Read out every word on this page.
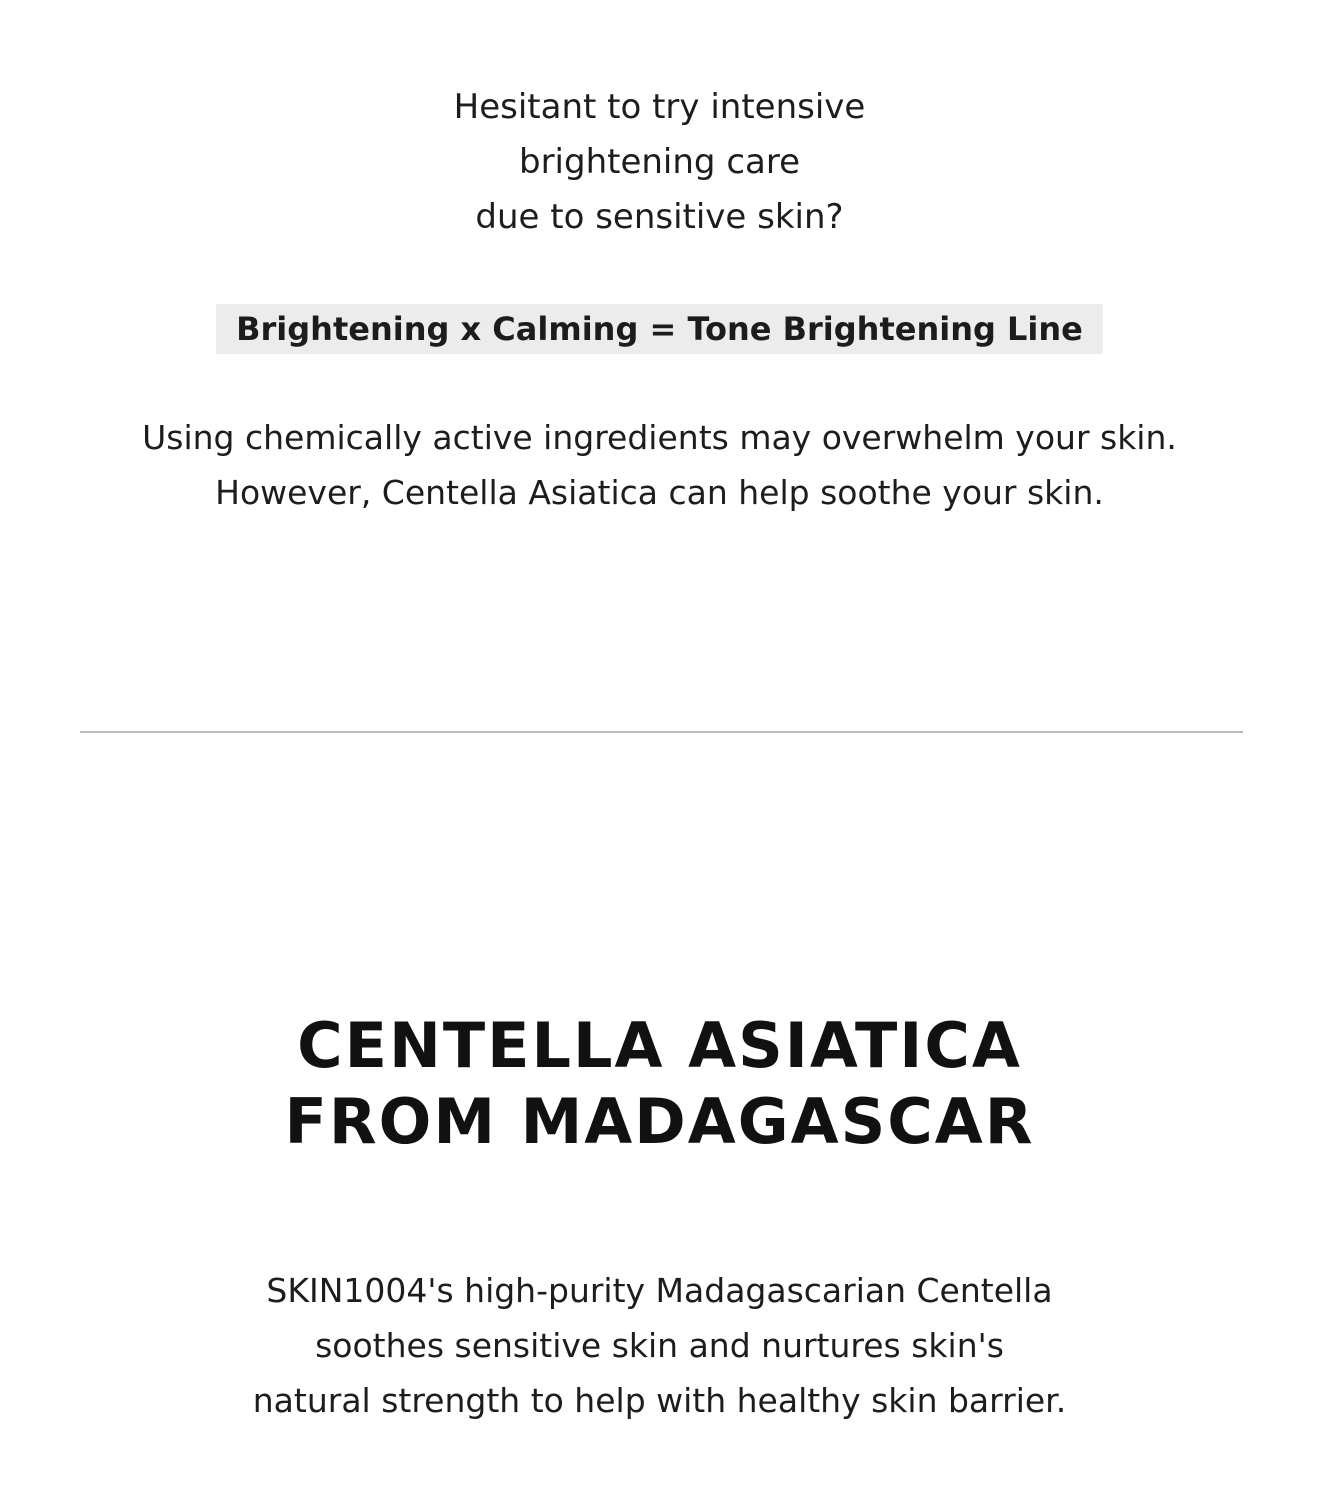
Hesitant to try intensive
brightening care
due to sensitive skin?
Brightening x Calming = Tone Brightening Line
Using chemically active ingredients may overwhelm your skin.
However, Centella Asiatica can help soothe your skin.
CENTELLA ASIATICA
FROM MADAGASCAR
SKIN1004's high-purity Madagascarian Centella
soothes sensitive skin and nurtures skin's
natural strength to help with healthy skin barrier.
